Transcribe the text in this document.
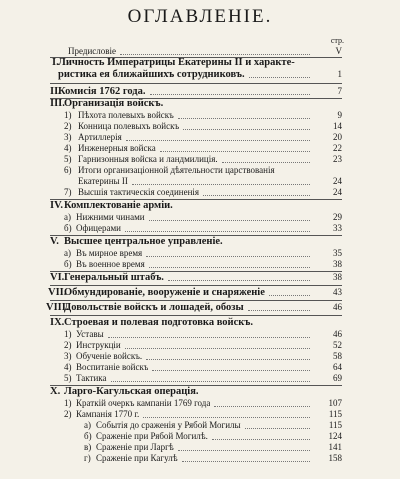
ОГЛАВЛЕНІЕ.
стр.
Предисловіе	V
I. Личность Императрицы Екатерины II и характе-
ристика ея ближайшихъ сотрудниковъ.	1
II.
Комисія 1762 года.	7
III. Организація войскъ.
1) Пѣхота полевыхъ войскъ	9
2) Конница полевыхъ войскъ	14
3) Артиллерія	20
4) Инженерныя войска	22
5) Гарнизонныя войска и ландмилиція.	23
6) Итоги организаціонной дѣятельности царствованія
Екатерины II	24
7) Высшія тактическія соединенія	24
IV. Комплектованіе арміи.
а) Нижними чинами	29
б) Офицерами	33
V. Высшее центральное управленіе.
а) Въ мирное время	35
б) Въ военное время	38
VI. Генеральный штабъ.	38
VII.
Обмундированіе, вооруженіе и снаряженіе	43
VIII.
Довольствіе войскъ и лошадей, обозы	46
IX. Строевая и полевая подготовка войскъ.
1) Уставы	46
2) Инструкціи	52
3) Обученіе войскъ.	58
4) Воспитаніе войскъ	64
5) Тактика	69
X. Ларго-Кагульская операція.
1) Краткій очеркъ кампаніи 1769 года	107
2) Кампанія 1770 г.	115
а) Событія до сраженія у Рябой Могилы	115
б) Сраженіе при Рябой Могилѣ.	124
в) Сраженіе при Ларгѣ	141
г) Сраженіе при Кагулѣ	158
